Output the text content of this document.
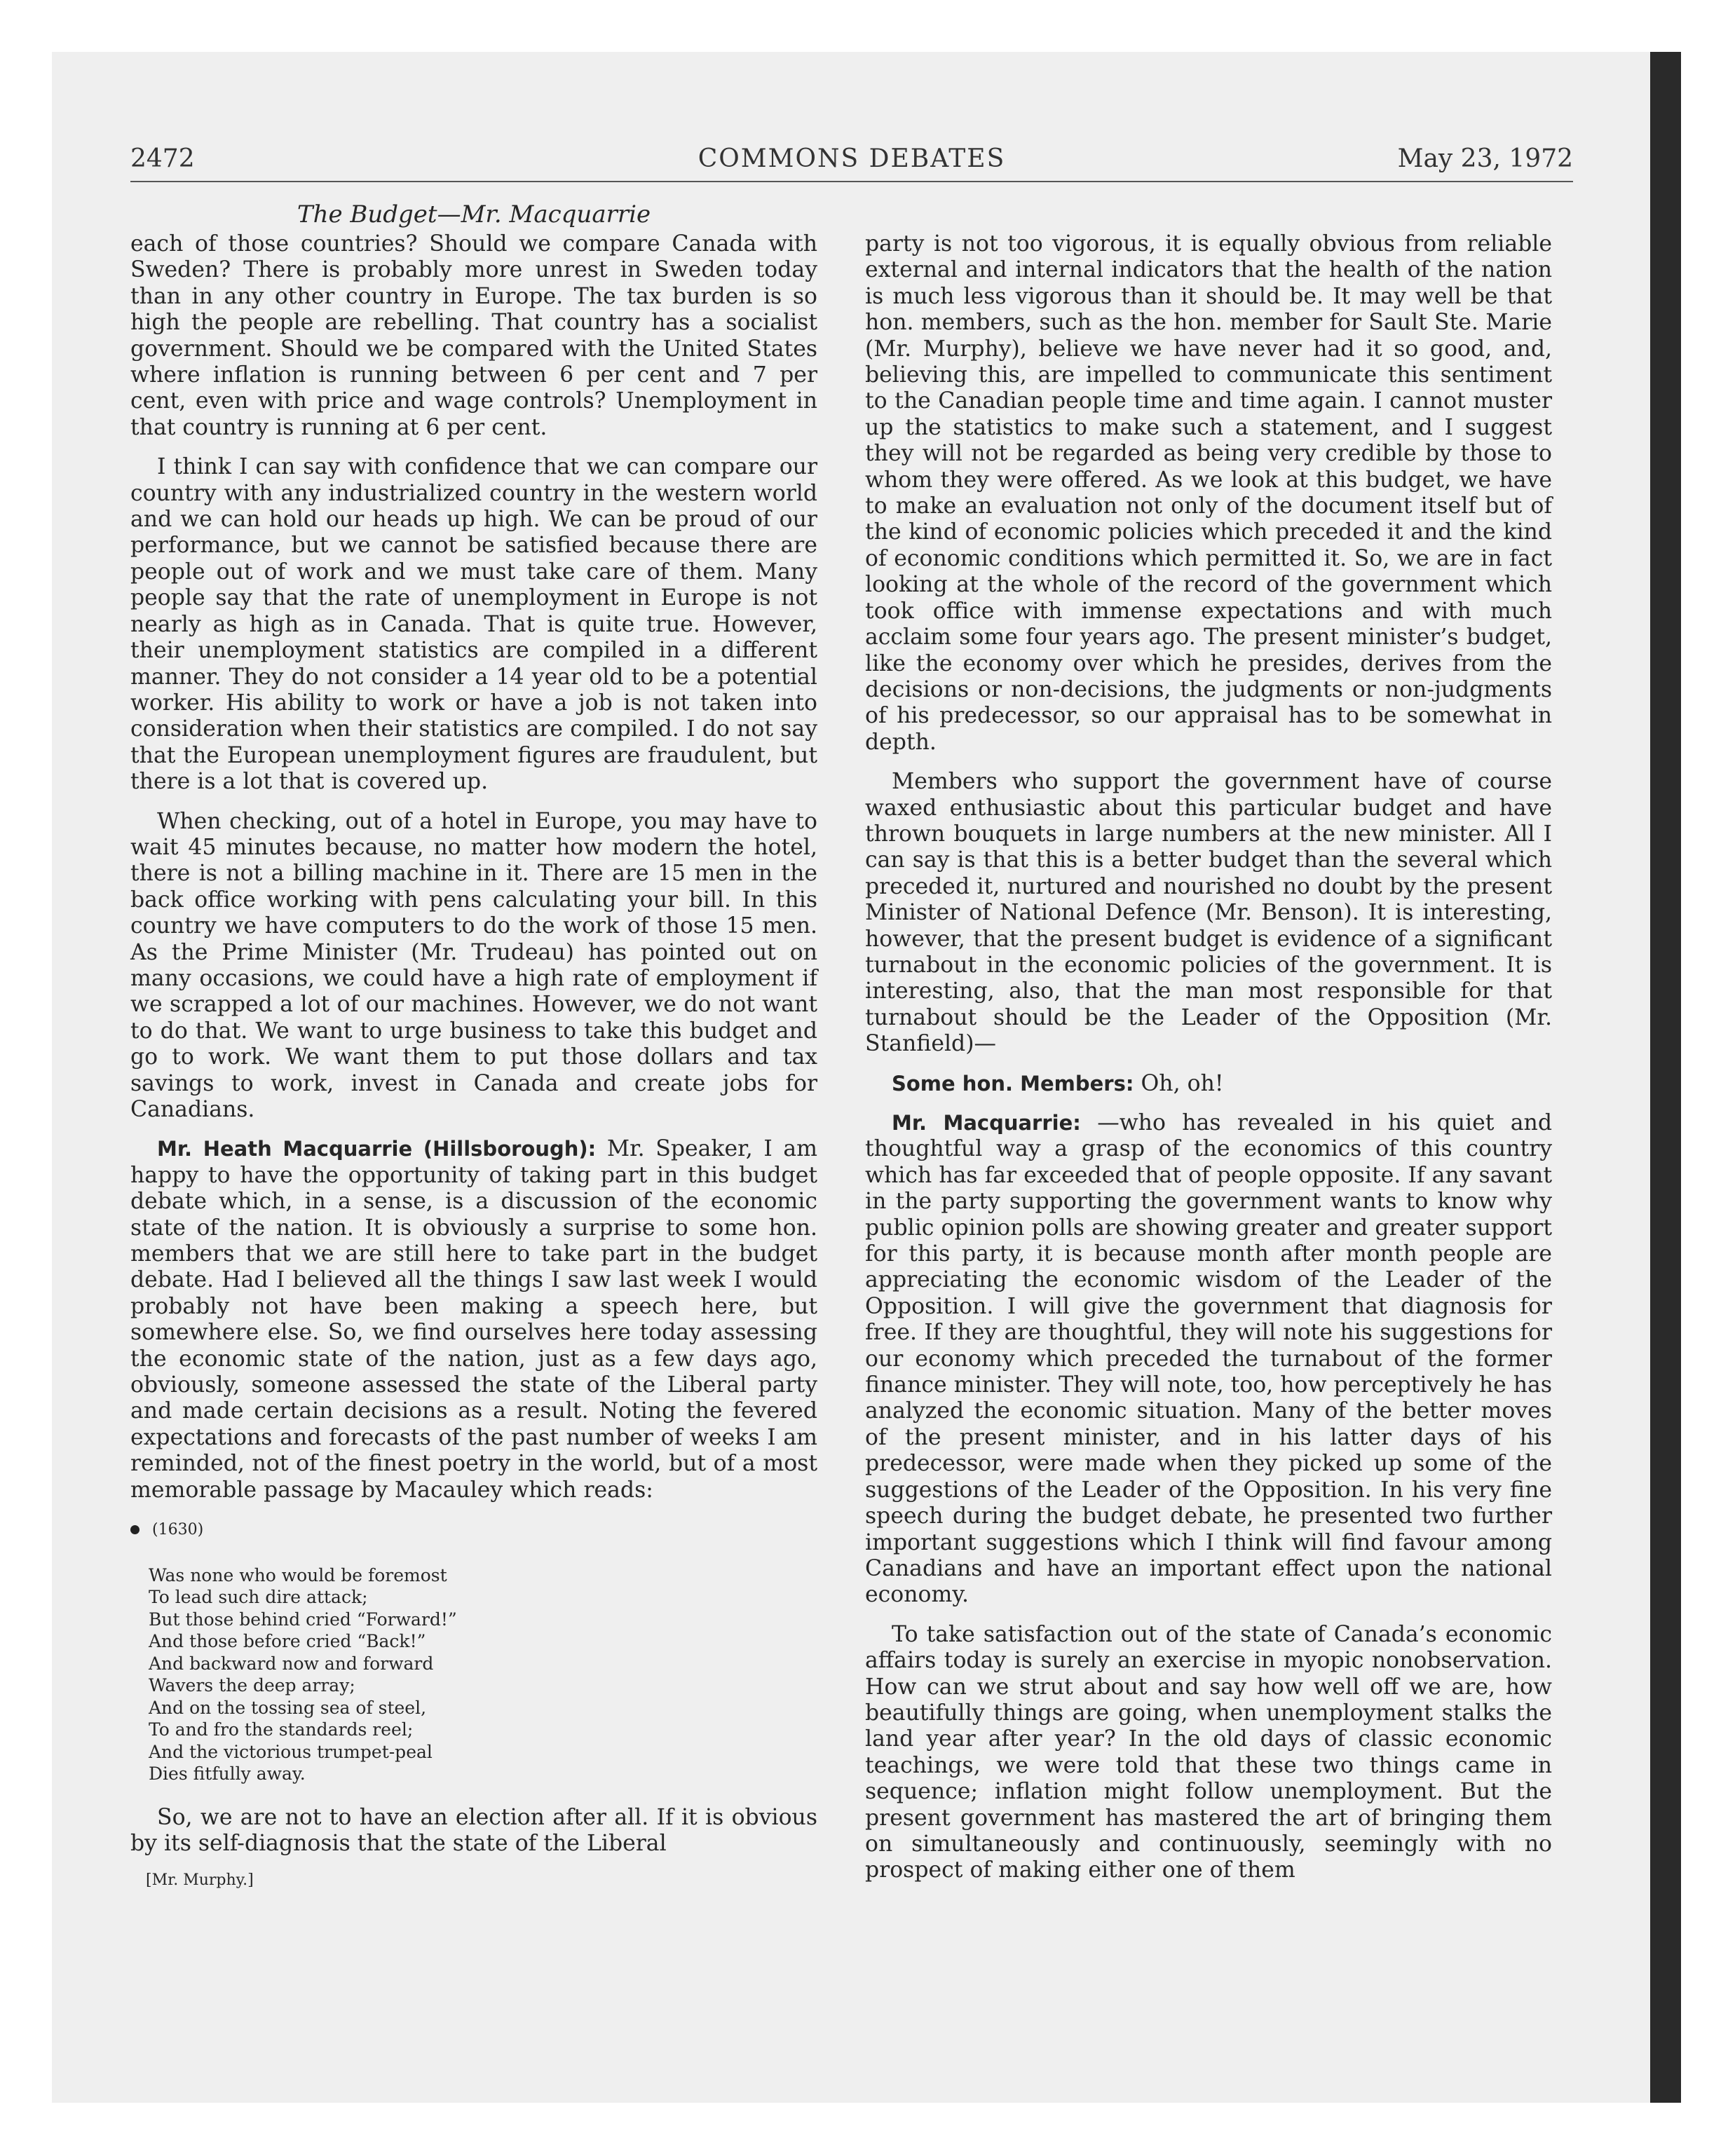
2472	COMMONS DEBATES	May 23, 1972
The Budget—Mr. Macquarrie

each of those countries? Should we compare Canada with Sweden? There is probably more unrest in Sweden today than in any other country in Europe. The tax burden is so high the people are rebelling. That country has a socialist government. Should we be compared with the United States where inflation is running between 6 per cent and 7 per cent, even with price and wage controls? Unemployment in that country is running at 6 per cent.

I think I can say with confidence that we can compare our country with any industrialized country in the western world and we can hold our heads up high. We can be proud of our performance, but we cannot be satisfied because there are people out of work and we must take care of them. Many people say that the rate of unemployment in Europe is not nearly as high as in Canada. That is quite true. However, their unemployment statistics are compiled in a different manner. They do not consider a 14 year old to be a potential worker. His ability to work or have a job is not taken into consideration when their statistics are compiled. I do not say that the European unemployment figures are fraudulent, but there is a lot that is covered up.

When checking, out of a hotel in Europe, you may have to wait 45 minutes because, no matter how modern the hotel, there is not a billing machine in it. There are 15 men in the back office working with pens calculating your bill. In this country we have computers to do the work of those 15 men. As the Prime Minister (Mr. Trudeau) has pointed out on many occasions, we could have a high rate of employment if we scrapped a lot of our machines. However, we do not want to do that. We want to urge business to take this budget and go to work. We want them to put those dollars and tax savings to work, invest in Canada and create jobs for Canadians.

Mr. Heath Macquarrie (Hillsborough): Mr. Speaker, I am happy to have the opportunity of taking part in this budget debate which, in a sense, is a discussion of the economic state of the nation. It is obviously a surprise to some hon. members that we are still here to take part in the budget debate. Had I believed all the things I saw last week I would probably not have been making a speech here, but somewhere else. So, we find ourselves here today assessing the economic state of the nation, just as a few days ago, obviously, someone assessed the state of the Liberal party and made certain decisions as a result. Noting the fevered expectations and forecasts of the past number of weeks I am reminded, not of the finest poetry in the world, but of a most memorable passage by Macauley which reads:

(1630)
Was none who would be foremost
To lead such dire attack;
But those behind cried “Forward!”
And those before cried “Back!”
And backward now and forward
Wavers the deep array;
And on the tossing sea of steel,
To and fro the standards reel;
And the victorious trumpet-peal
Dies fitfully away.

So, we are not to have an election after all. If it is obvious by its self-diagnosis that the state of the Liberal

[Mr. Murphy.]

party is not too vigorous, it is equally obvious from reliable external and internal indicators that the health of the nation is much less vigorous than it should be. It may well be that hon. members, such as the hon. member for Sault Ste. Marie (Mr. Murphy), believe we have never had it so good, and, believing this, are impelled to communicate this sentiment to the Canadian people time and time again. I cannot muster up the statistics to make such a statement, and I suggest they will not be regarded as being very credible by those to whom they were offered. As we look at this budget, we have to make an evaluation not only of the document itself but of the kind of economic policies which preceded it and the kind of economic conditions which permitted it. So, we are in fact looking at the whole of the record of the government which took office with immense expectations and with much acclaim some four years ago. The present minister’s budget, like the economy over which he presides, derives from the decisions or non-decisions, the judgments or non-judgments of his predecessor, so our appraisal has to be somewhat in depth.

Members who support the government have of course waxed enthusiastic about this particular budget and have thrown bouquets in large numbers at the new minister. All I can say is that this is a better budget than the several which preceded it, nurtured and nourished no doubt by the present Minister of National Defence (Mr. Benson). It is interesting, however, that the present budget is evidence of a significant turnabout in the economic policies of the government. It is interesting, also, that the man most responsible for that turnabout should be the Leader of the Opposition (Mr. Stanfield)—

Some hon. Members: Oh, oh!

Mr. Macquarrie: —who has revealed in his quiet and thoughtful way a grasp of the economics of this country which has far exceeded that of people opposite. If any savant in the party supporting the government wants to know why public opinion polls are showing greater and greater support for this party, it is because month after month people are appreciating the economic wisdom of the Leader of the Opposition. I will give the government that diagnosis for free. If they are thoughtful, they will note his suggestions for our economy which preceded the turnabout of the former finance minister. They will note, too, how perceptively he has analyzed the economic situation. Many of the better moves of the present minister, and in his latter days of his predecessor, were made when they picked up some of the suggestions of the Leader of the Opposition. In his very fine speech during the budget debate, he presented two further important suggestions which I think will find favour among Canadians and have an important effect upon the national economy.

To take satisfaction out of the state of Canada’s economic affairs today is surely an exercise in myopic nonobservation. How can we strut about and say how well off we are, how beautifully things are going, when unemployment stalks the land year after year? In the old days of classic economic teachings, we were told that these two things came in sequence; inflation might follow unemployment. But the present government has mastered the art of bringing them on simultaneously and continuously, seemingly with no prospect of making either one of them
